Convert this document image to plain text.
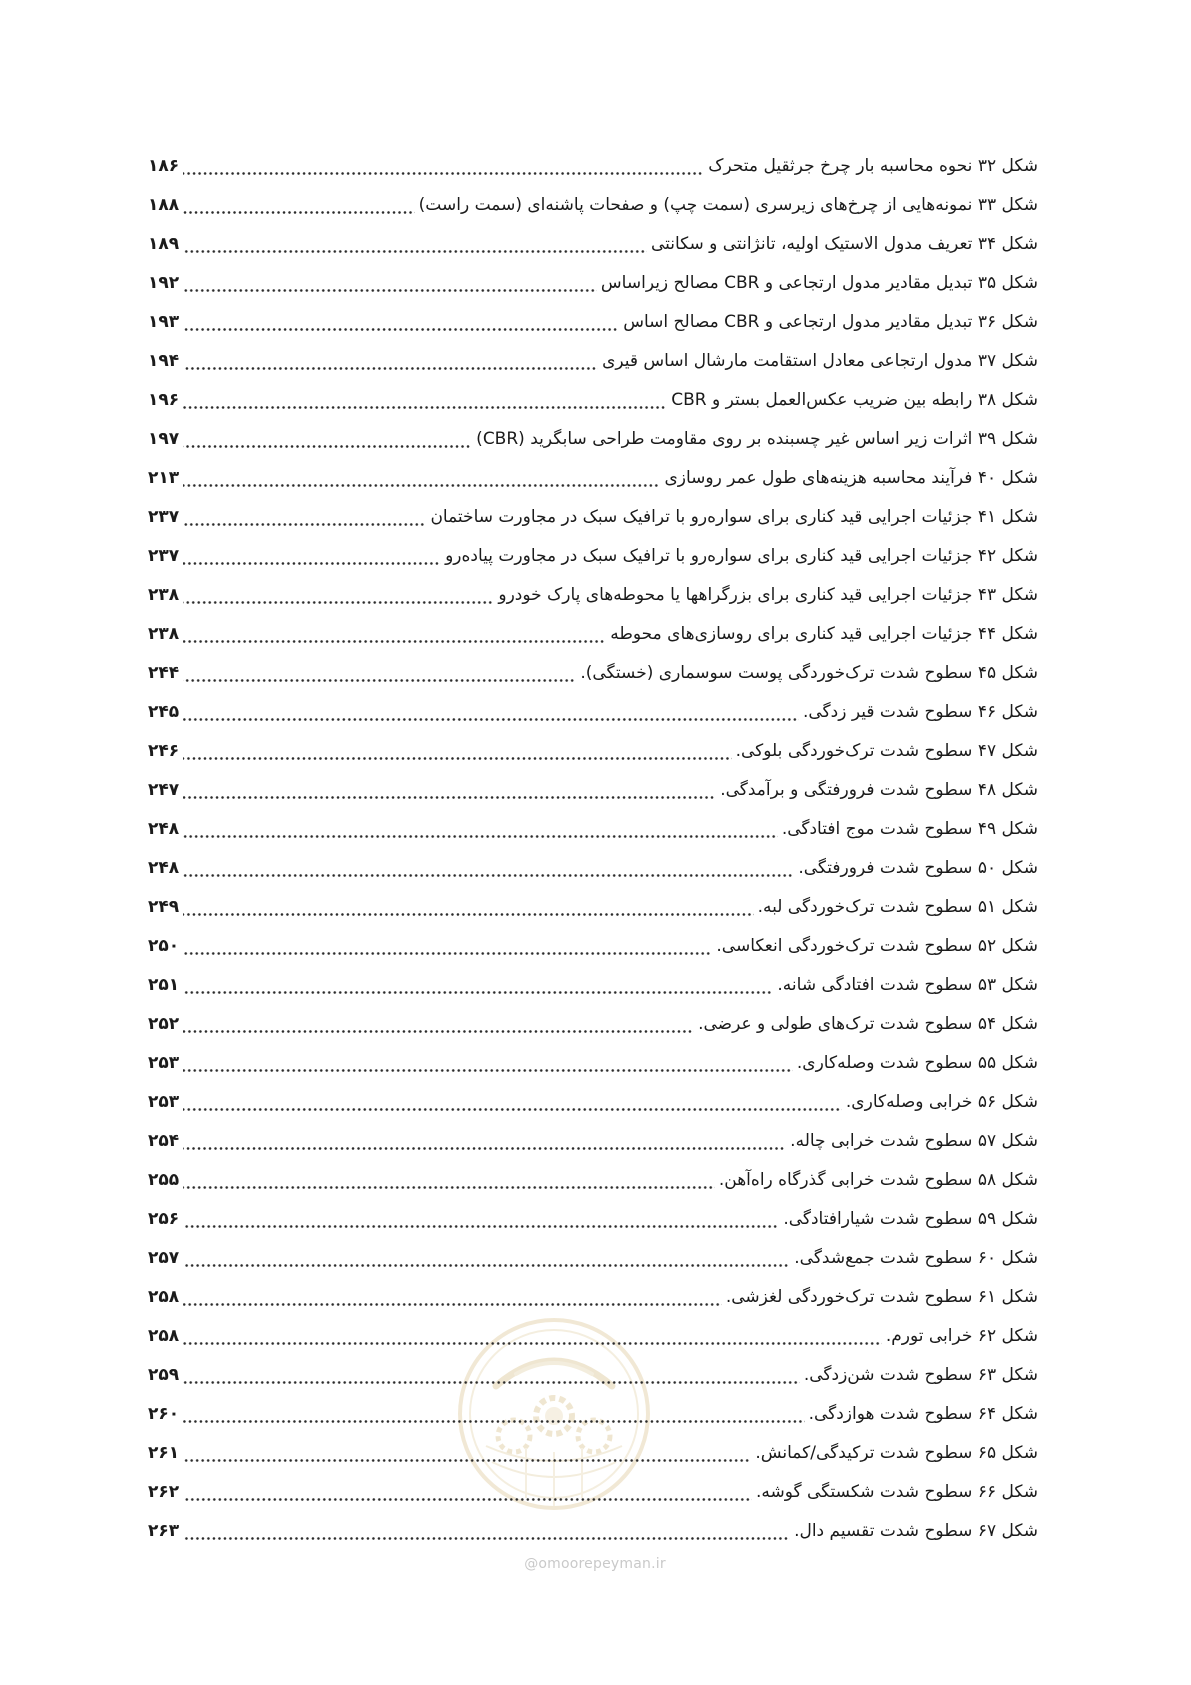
شکل ۳۲ نحوه محاسبه بار چرخ جرثقیل متحرک
۱۸۶
شکل ۳۳ نمونه‌هایی از چرخ‌های زیرسری (سمت چپ) و صفحات پاشنه‌ای (سمت راست)
۱۸۸
شکل ۳۴ تعریف مدول الاستیک اولیه، تانژانتی و سکانتی
۱۸۹
شکل ۳۵ تبدیل مقادیر مدول ارتجاعی و CBR مصالح زیراساس
۱۹۲
شکل ۳۶ تبدیل مقادیر مدول ارتجاعی و CBR مصالح اساس
۱۹۳
شکل ۳۷ مدول ارتجاعی معادل استقامت مارشال اساس قیری
۱۹۴
شکل ۳۸ رابطه بین ضریب عکس‌العمل بستر و CBR
۱۹۶
شکل ۳۹ اثرات زیر اساس غیر چسبنده بر روی مقاومت طراحی سابگرید (CBR)
۱۹۷
شکل ۴۰ فرآیند محاسبه هزینه‌های طول عمر روسازی
۲۱۳
شکل ۴۱ جزئیات اجرایی قید کناری برای سواره‌رو با ترافیک سبک در مجاورت ساختمان
۲۳۷
شکل ۴۲ جزئیات اجرایی قید کناری برای سواره‌رو با ترافیک سبک در مجاورت پیاده‌رو
۲۳۷
شکل ۴۳ جزئیات اجرایی قید کناری برای بزرگراهها یا محوطه‌های پارک خودرو
۲۳۸
شکل ۴۴ جزئیات اجرایی قید کناری برای روسازی‌های محوطه
۲۳۸
شکل ۴۵ سطوح شدت ترک‌خوردگی پوست سوسماری (خستگی).
۲۴۴
شکل ۴۶ سطوح شدت قیر زدگی.
۲۴۵
شکل ۴۷ سطوح شدت ترک‌خوردگی بلوکی.
۲۴۶
شکل ۴۸ سطوح شدت فرورفتگی و برآمدگی.
۲۴۷
شکل ۴۹ سطوح شدت موج افتادگی.
۲۴۸
شکل ۵۰ سطوح شدت فرورفتگی.
۲۴۸
شکل ۵۱ سطوح شدت ترک‌خوردگی لبه.
۲۴۹
شکل ۵۲ سطوح شدت ترک‌خوردگی انعکاسی.
۲۵۰
شکل ۵۳ سطوح شدت افتادگی شانه.
۲۵۱
شکل ۵۴ سطوح شدت ترک‌های طولی و عرضی.
۲۵۲
شکل ۵۵ سطوح شدت وصله‌کاری.
۲۵۳
شکل ۵۶ خرابی وصله‌کاری.
۲۵۳
شکل ۵۷ سطوح شدت خرابی چاله.
۲۵۴
شکل ۵۸ سطوح شدت خرابی گذرگاه راه‌آهن.
۲۵۵
شکل ۵۹ سطوح شدت شیارافتادگی.
۲۵۶
شکل ۶۰ سطوح شدت جمع‌شدگی.
۲۵۷
شکل ۶۱ سطوح شدت ترک‌خوردگی لغزشی.
۲۵۸
شکل ۶۲ خرابی تورم.
۲۵۸
شکل ۶۳ سطوح شدت شن‌زدگی.
۲۵۹
شکل ۶۴ سطوح شدت هوازدگی.
۲۶۰
شکل ۶۵ سطوح شدت ترکیدگی/کمانش.
۲۶۱
شکل ۶۶ سطوح شدت شکستگی گوشه.
۲۶۲
شکل ۶۷ سطوح شدت تقسیم دال.
۲۶۳
@omoorepeyman.ir
